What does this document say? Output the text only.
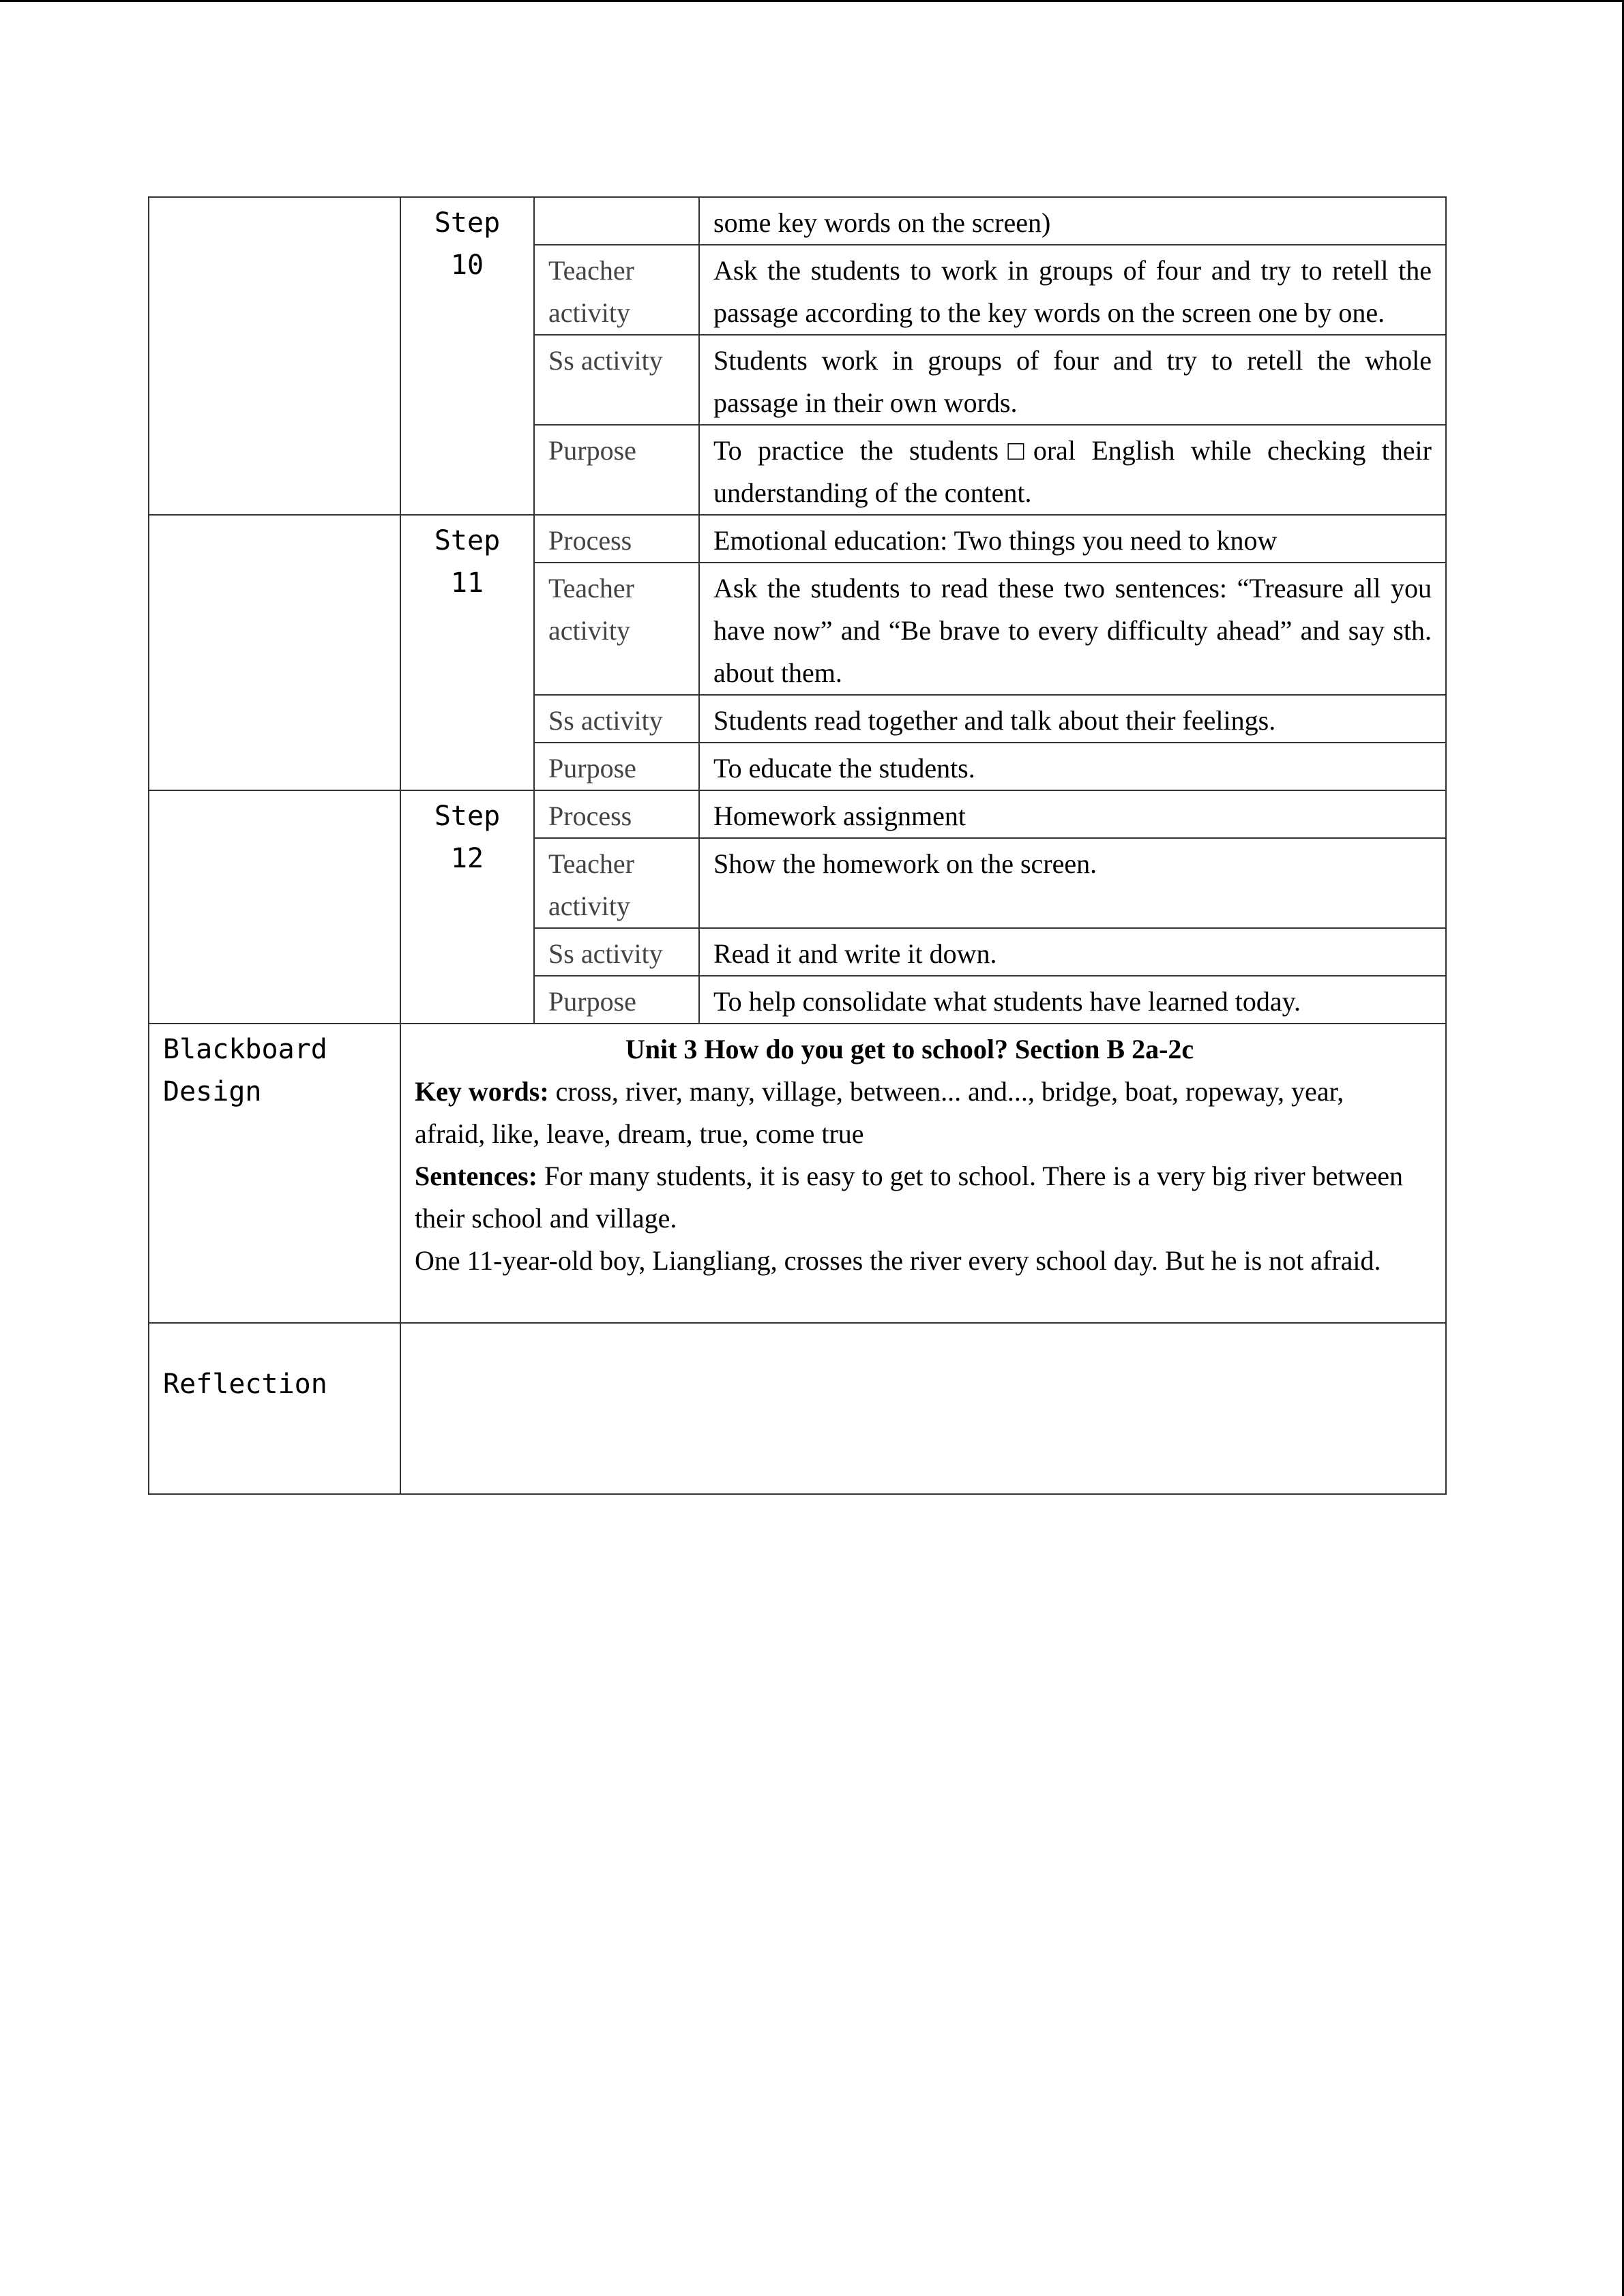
	Step 10		some key words on the screen)
		Teacher activity	Ask the students to work in groups of four and try to retell the passage according to the key words on the screen one by one.
		Ss activity	Students work in groups of four and try to retell the whole passage in their own words.
		Purpose	To practice the students□oral English while checking their understanding of the content.
	Step 11	Process	Emotional education: Two things you need to know
		Teacher activity	Ask the students to read these two sentences: “Treasure all you have now” and “Be brave to every difficulty ahead” and say sth. about them.
		Ss activity	Students read together and talk about their feelings.
		Purpose	To educate the students.
	Step 12	Process	Homework assignment
		Teacher activity	Show the homework on the screen.
		Ss activity	Read it and write it down.
		Purpose	To help consolidate what students have learned today.
Blackboard Design	Unit 3 How do you get to school? Section B 2a-2c
Key words: cross, river, many, village, between... and..., bridge, boat, ropeway, year, afraid, like, leave, dream, true, come true
Sentences: For many students, it is easy to get to school. There is a very big river between their school and village.
One 11-year-old boy, Liangliang, crosses the river every school day. But he is not afraid.		

Reflection			
